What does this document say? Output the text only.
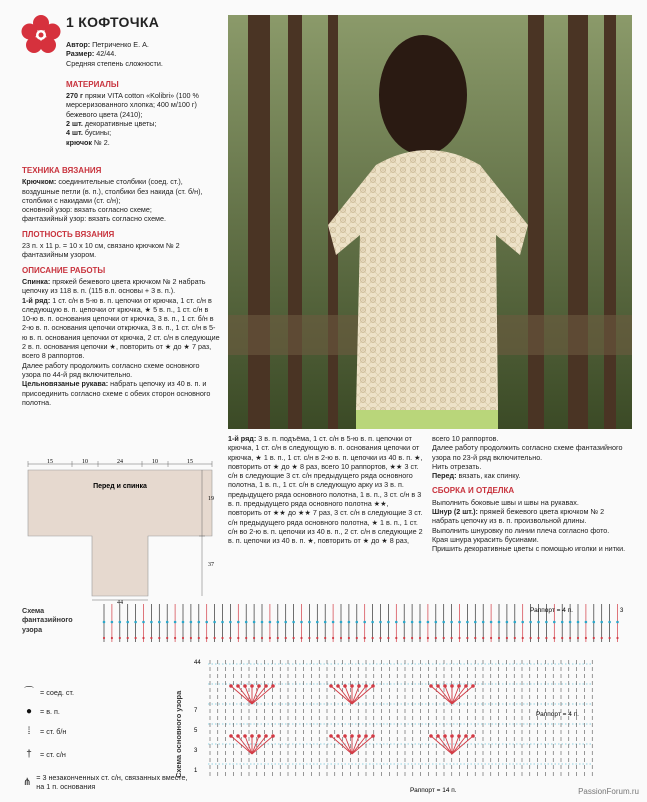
1 КОФТОЧКА
Автор: Петриченко Е. А.
Размер: 42/44.
Средняя степень сложности.
МАТЕРИАЛЫ
270 г пряжи VITA cotton «Kolibri» (100 % мерсеризованного хлопка; 400 м/100 г) бежевого цвета (2410);
2 шт. декоративные цветы;
4 шт. бусины;
крючок № 2.
ТЕХНИКА ВЯЗАНИЯ
Крючком: соединительные столбики (соед. ст.), воздушные петли (в. п.), столбики без накида (ст. б/н), столбики с накидами (ст. с/н);
основной узор: вязать согласно схеме;
фантазийный узор: вязать согласно схеме.
ПЛОТНОСТЬ ВЯЗАНИЯ
23 п. х 11 р. = 10 х 10 см, связано крючком № 2 фантазийным узором.
ОПИСАНИЕ РАБОТЫ
Спинка: пряжей бежевого цвета крючком № 2 набрать цепочку из 118 в. п. (115 в.п. основы + 3 в. п.).
1-й ряд: 1 ст. с/н в 5-ю в. п. цепочки от крючка, 1 ст. с/н в следующую в. п. цепочки от крючка, ★ 5 в. п., 1 ст. с/н в 10-ю в. п. основания цепочки от крючка, 3 в. п., 1 ст. б/н в 2-ю в. п. основания цепочки открючка, 3 в. п., 1 ст. с/н в 5-ю в. п. основания цепочки от крючка, 2 ст. с/н в следующие 2 в. п. основания цепочки ★, повторить от ★ до ★ 7 раз, всего 8 раппортов.
Далее работу продолжить согласно схеме основного узора по 44-й ряд включительно.
Цельновязаные рукава: набрать цепочку из 40 в. п. и присоединить согласно схеме с обеих сторон основного полотна.
15	10	24	10	15
19
37
44
Перед и спинка
1-й ряд: 3 в. п. подъёма, 1 ст. с/н в 5-ю в. п. цепочки от крючка, 1 ст. с/н в следующую в. п. основания цепочки от крючка, ★ 1 в. п., 1 ст. с/н в 2-ю в. п. цепочки из 40 в. п. ★, повторить от ★ до ★ 8 раз, всего 10 раппортов, ★★ 3 ст. с/н в следующие 3 ст. с/н предыдущего ряда основного полотна, 1 в. п., 1 ст. с/н в следующую арку из 3 в. п. предыдущего ряда основного полотна, 1 в. п., 3 ст. с/н в 3 в. п. предыдущего ряда основного полотна ★★, повторить от ★★ до ★★ 7 раз, 3 ст. с/н в следующие 3 ст. с/н предыдущего ряда основного полотна, ★ 1 в. п., 1 ст. с/н во 2-ю в. п. цепочки из 40 в. п., 2 ст. с/н в следующие 2 в. п. цепочки из 40 в. п. ★, повторить от ★ до ★ 8 раз,
всего 10 раппортов.
Далее работу продолжить согласно схеме фантазийного узора по 23-й ряд включительно.
Нить отрезать.
Перед: вязать, как спинку.
СБОРКА И ОТДЕЛКА
Выполнить боковые швы и швы на рукавах.
Шнур (2 шт.): пряжей бежевого цвета крючком № 2 набрать цепочку из в. п. произвольной длины.
Выполнить шнуровку по линии плеча согласно фото.
Края шнура украсить бусинами.
Пришить декоративные цветы с помощью иголки и нитки.
Схема фантазийного узора
3
Раппорт = 4 п.
Схема основного узора
44
7
5
3
1
Раппорт = 4 п.
Раппорт = 14 п.
⌒ = соед. ст.
●	= в. п.
⁞	= ст. б/н
†	= ст. с/н
⋔ = 3 незаконченных ст. с/н, связанных вместе, на 1 п. основания
PassionForum.ru
